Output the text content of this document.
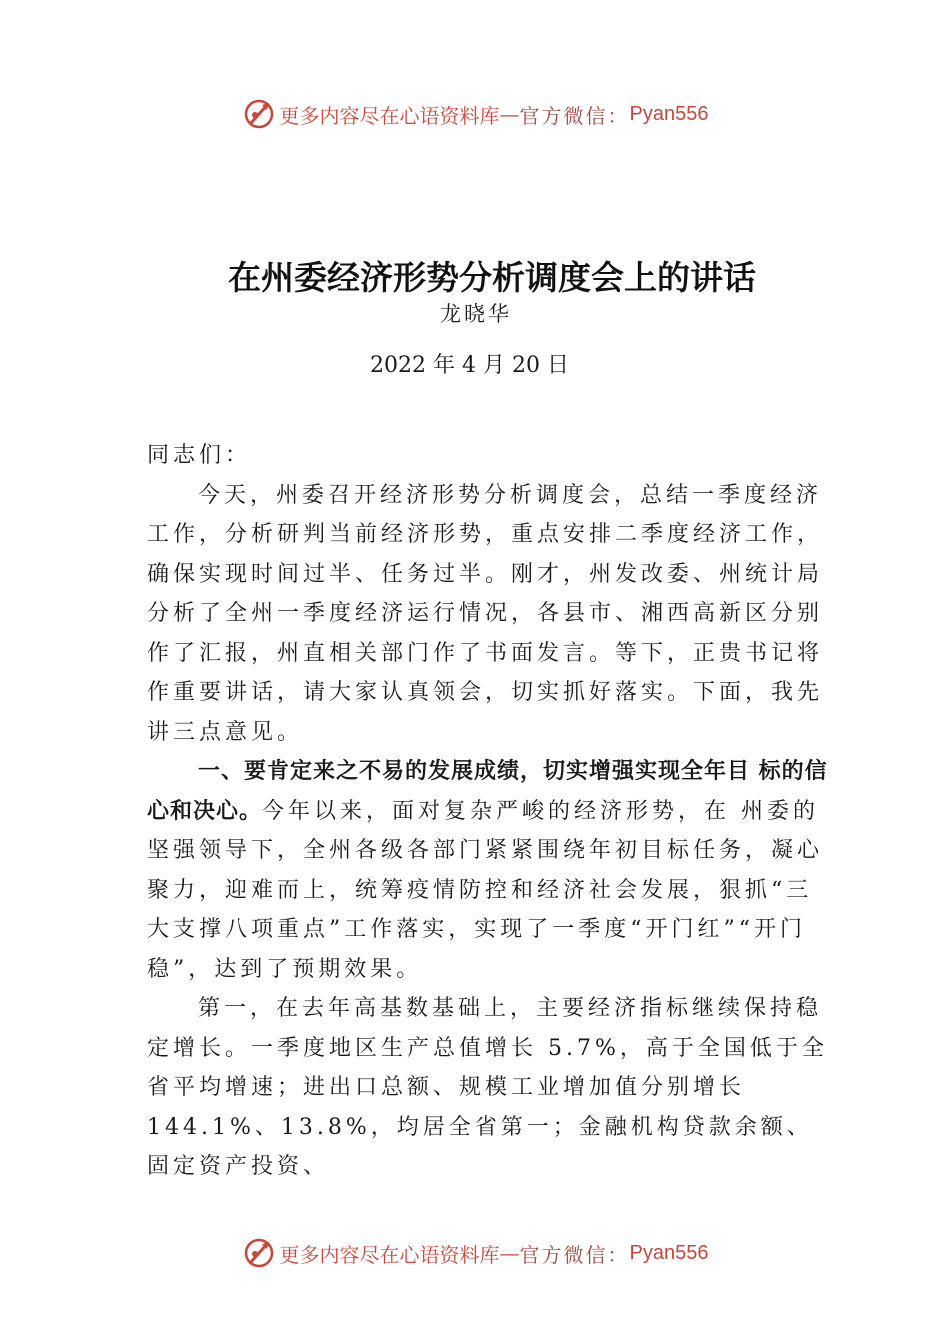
更多内容尽在心语资料库 — 官方微信： Pyan556
在州委经济形势分析调度会上的讲话
龙晓华
2022 年 4 月 20 日

同志们：

今天，州委召开经济形势分析调度会，总结一季度经济工作，分析研判当前经济形势，重点安排二季度经济工作，确保实现时间过半、任务过半。刚才，州发改委、州统计局分析了全州一季度经济运行情况，各县市、湘西高新区分别作了汇报，州直相关部门作了书面发言。等下，正贵书记将作重要讲话，请大家认真领会，切实抓好落实。下面，我先讲三点意见。

一、要肯定来之不易的发展成绩，切实增强实现全年目 标的信心和决心。今年以来，面对复杂严峻的经济形势，在 州委的坚强领导下，全州各级各部门紧紧围绕年初目标任务，凝心聚力，迎难而上，统筹疫情防控和经济社会发展，狠抓“三大支撑八项重点”工作落实，实现了一季度“开门红”“开门稳”，达到了预期效果。

第一，在去年高基数基础上，主要经济指标继续保持稳定增长。一季度地区生产总值增长 5.7%，高于全国低于全省平均增速；进出口总额、规模工业增加值分别增长 144.1%、13.8%，均居全省第一；金融机构贷款余额、固定资产投资、

更多内容尽在心语资料库 — 官方微信： Pyan556
